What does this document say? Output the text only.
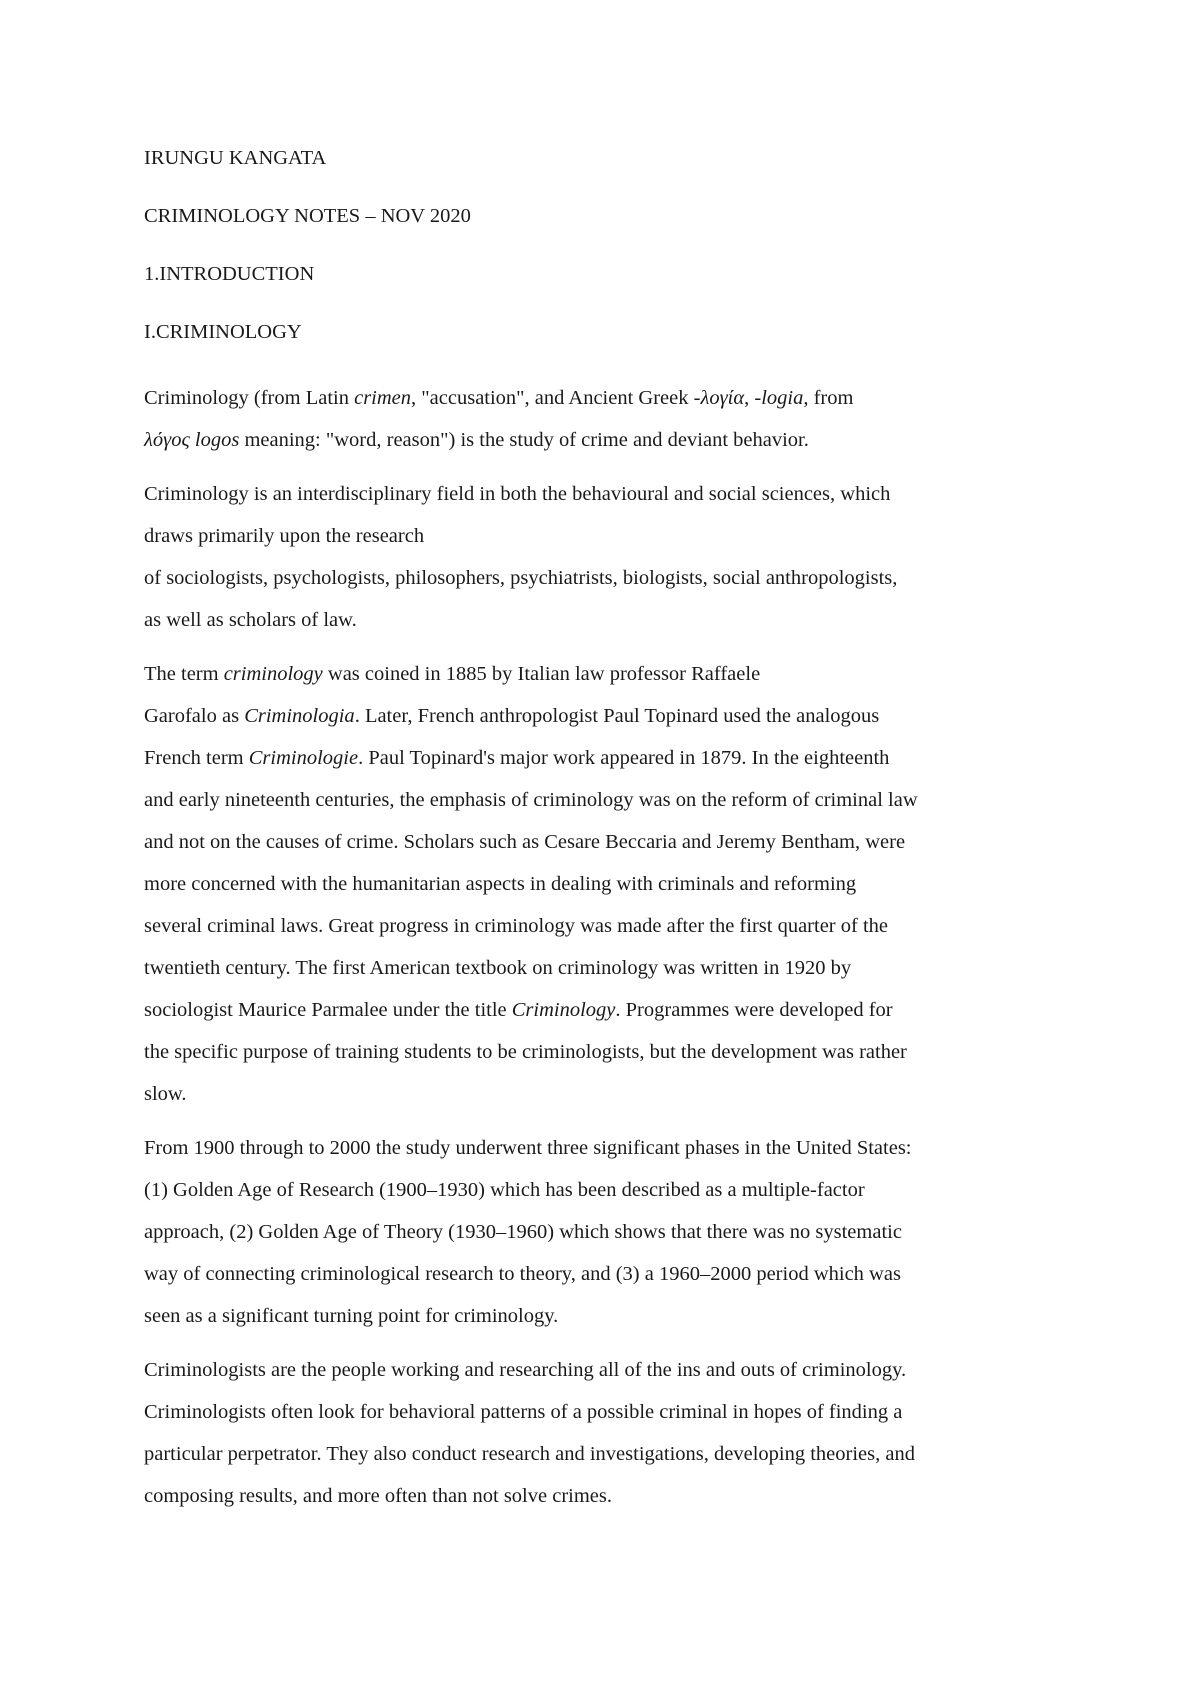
IRUNGU KANGATA

CRIMINOLOGY NOTES – NOV 2020

1.INTRODUCTION

I.CRIMINOLOGY

Criminology (from Latin crimen, "accusation", and Ancient Greek -λογία, -logia, from
λόγος logos meaning: "word, reason") is the study of crime and deviant behavior.

Criminology is an interdisciplinary field in both the behavioural and social sciences, which
draws primarily upon the research
of sociologists, psychologists, philosophers, psychiatrists, biologists, social anthropologists,
as well as scholars of law.

The term criminology was coined in 1885 by Italian law professor Raffaele
Garofalo as Criminologia. Later, French anthropologist Paul Topinard used the analogous
French term Criminologie. Paul Topinard's major work appeared in 1879. In the eighteenth
and early nineteenth centuries, the emphasis of criminology was on the reform of criminal law
and not on the causes of crime. Scholars such as Cesare Beccaria and Jeremy Bentham, were
more concerned with the humanitarian aspects in dealing with criminals and reforming
several criminal laws. Great progress in criminology was made after the first quarter of the
twentieth century. The first American textbook on criminology was written in 1920 by
sociologist Maurice Parmalee under the title Criminology. Programmes were developed for
the specific purpose of training students to be criminologists, but the development was rather
slow.

From 1900 through to 2000 the study underwent three significant phases in the United States:
(1) Golden Age of Research (1900–1930) which has been described as a multiple-factor
approach, (2) Golden Age of Theory (1930–1960) which shows that there was no systematic
way of connecting criminological research to theory, and (3) a 1960–2000 period which was
seen as a significant turning point for criminology.

Criminologists are the people working and researching all of the ins and outs of criminology.
Criminologists often look for behavioral patterns of a possible criminal in hopes of finding a
particular perpetrator. They also conduct research and investigations, developing theories, and
composing results, and more often than not solve crimes.
